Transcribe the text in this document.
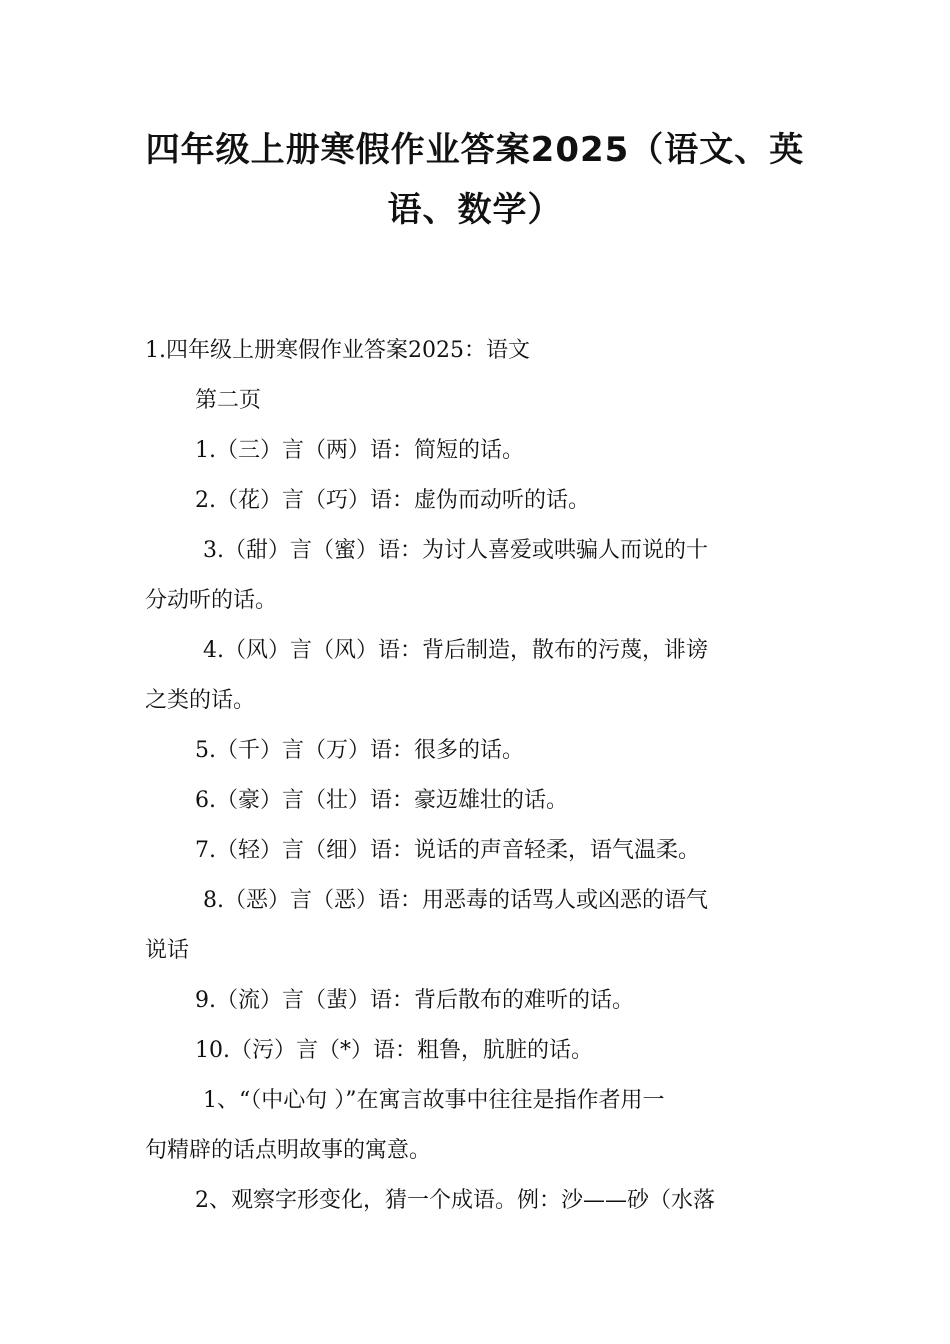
四年级上册寒假作业答案2025（语文、英
语、数学）
1.四年级上册寒假作业答案2025：语文
第二页
1.（三）言（两）语：简短的话。
2.（花）言（巧）语：虚伪而动听的话。
3.（甜）言（蜜）语：为讨人喜爱或哄骗人而说的十
分动听的话。
4.（风）言（风）语：背后制造，散布的污蔑，诽谤
之类的话。
5.（千）言（万）语：很多的话。
6.（豪）言（壮）语：豪迈雄壮的话。
7.（轻）言（细）语：说话的声音轻柔，语气温柔。
8.（恶）言（恶）语：用恶毒的话骂人或凶恶的语气
说话
9.（流）言（蜚）语：背后散布的难听的话。
10.（污）言（*）语：粗鲁，肮脏的话。
1、“（中心句 ）”在寓言故事中往往是指作者用一
句精辟的话点明故事的寓意。
2、观察字形变化，猜一个成语。例：沙——砂（水落
